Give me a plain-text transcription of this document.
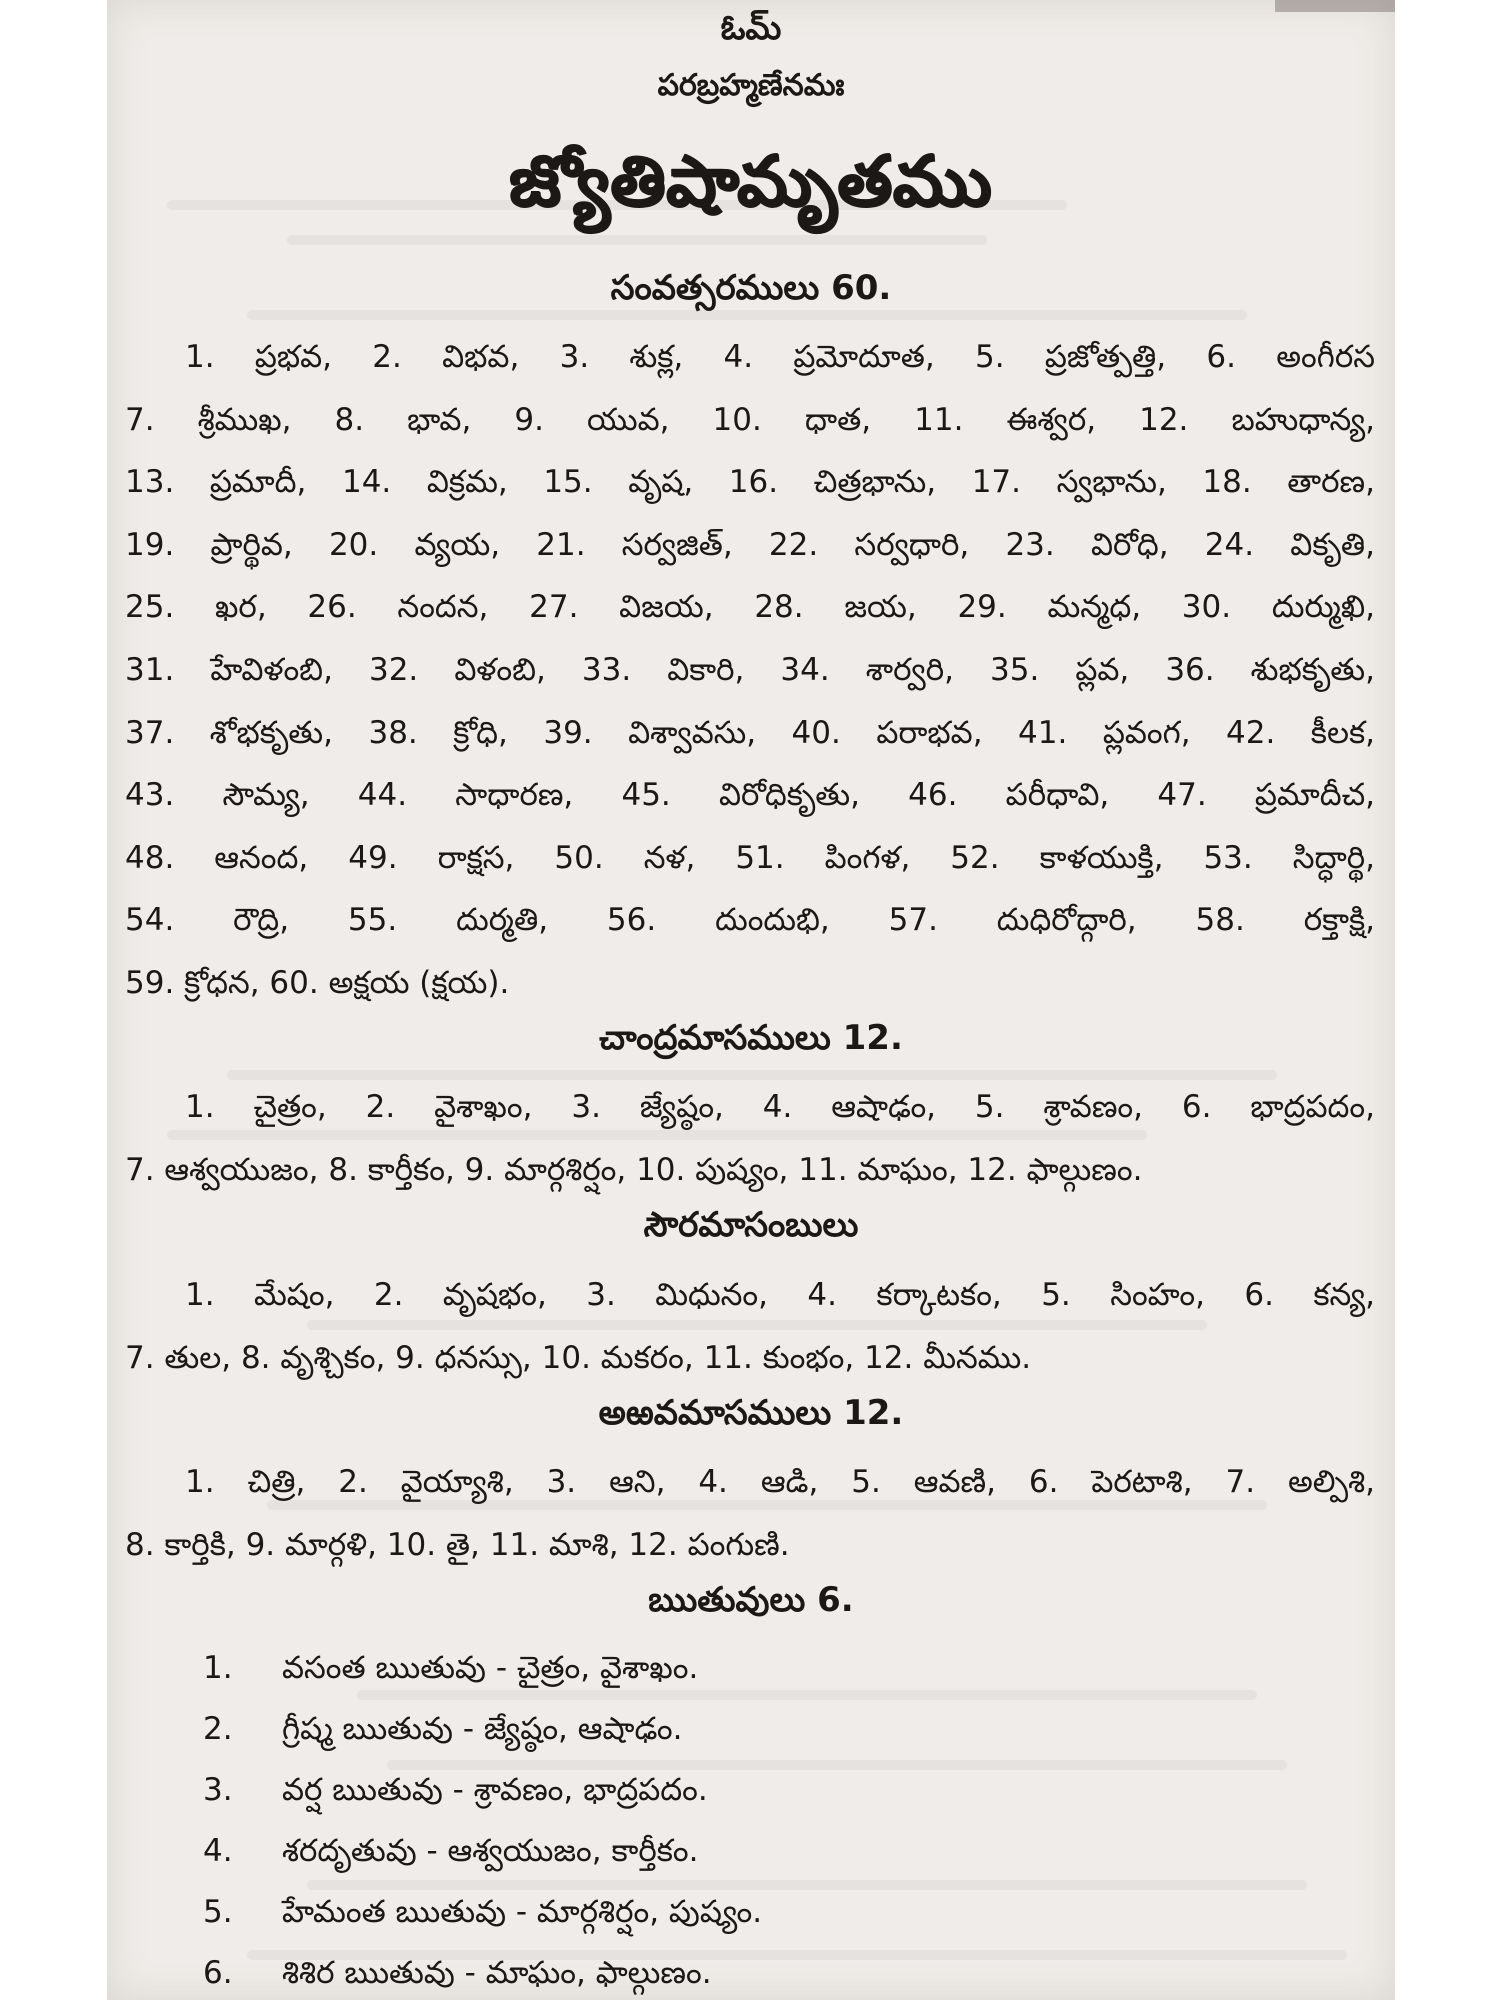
ఓమ్
పరబ్రహ్మణేనమః
జ్యోతిషామృతము
సంవత్సరములు 60.
1. ప్రభవ, 2. విభవ, 3. శుక్ల, 4. ప్రమోదూత, 5. ప్రజోత్పత్తి, 6. అంగీరస
7. శ్రీముఖ, 8. భావ, 9. యువ, 10. ధాత, 11. ఈశ్వర, 12. బహుధాన్య,
13. ప్రమాదీ, 14. విక్రమ, 15. వృష, 16. చిత్రభాను, 17. స్వభాను, 18. తారణ,
19. ప్రార్థివ, 20. వ్యయ, 21. సర్వజిత్, 22. సర్వధారి, 23. విరోధి, 24. వికృతి,
25. ఖర, 26. నందన, 27. విజయ, 28. జయ, 29. మన్మధ, 30. దుర్ముఖి,
31. హేవిళంబి, 32. విళంబి, 33. వికారి, 34. శార్వరి, 35. ప్లవ, 36. శుభకృతు,
37. శోభకృతు, 38. క్రోధి, 39. విశ్వావసు, 40. పరాభవ, 41. ప్లవంగ, 42. కీలక,
43. సౌమ్య, 44. సాధారణ, 45. విరోధికృతు, 46. పరీధావి, 47. ప్రమాదీచ,
48. ఆనంద, 49. రాక్షస, 50. నళ, 51. పింగళ, 52. కాళయుక్తి, 53. సిద్ధార్థి,
54. రౌద్రి, 55. దుర్మతి, 56. దుందుభి, 57. దుధిరోద్గారి, 58. రక్తాక్షి,
59. క్రోధన, 60. అక్షయ (క్షయ).
చాంద్రమాసములు 12.
1. చైత్రం, 2. వైశాఖం, 3. జ్యేష్ఠం, 4. ఆషాఢం, 5. శ్రావణం, 6. భాద్రపదం,
7. ఆశ్వయుజం, 8. కార్తీకం, 9. మార్గశిర్షం, 10. పుష్యం, 11. మాఘం, 12. ఫాల్గుణం.
సౌరమాసంబులు
1. మేషం, 2. వృషభం, 3. మిధునం, 4. కర్కాటకం, 5. సింహం, 6. కన్య,
7. తుల, 8. వృశ్చికం, 9. ధనస్సు, 10. మకరం, 11. కుంభం, 12. మీనము.
అఱవమాసములు 12.
1. చిత్రి, 2. వైయ్యాశి, 3. ఆని, 4. ఆడి, 5. ఆవణి, 6. పెరటాశి, 7. అల్పిశి,
8. కార్తికి, 9. మార్గళి, 10. తై, 11. మాశి, 12. పంగుణి.
ఋతువులు 6.
1. వసంత ఋతువు - చైత్రం, వైశాఖం.
2. గ్రీష్మ ఋతువు - జ్యేష్ఠం, ఆషాఢం.
3. వర్ష ఋతువు - శ్రావణం, భాద్రపదం.
4. శరదృతువు - ఆశ్వయుజం, కార్తీకం.
5. హేమంత ఋతువు - మార్గశిర్షం, పుష్యం.
6. శిశిర ఋతువు - మాఘం, ఫాల్గుణం.
